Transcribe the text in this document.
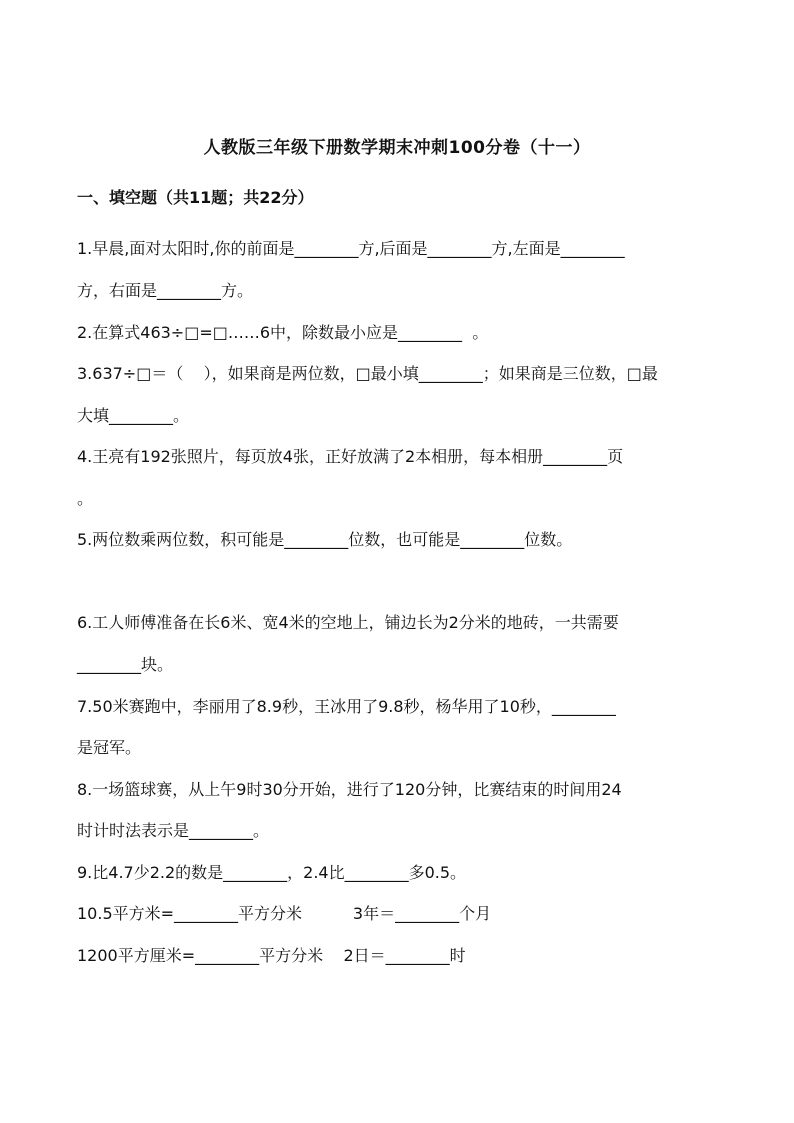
人教版三年级下册数学期末冲刺100分卷（十一）
一、填空题（共11题；共22分）
1.早晨,面对太阳时,你的前面是________方,后面是________方,左面是________
方，右面是________方。
2.在算式463÷□=□……6中，除数最小应是________  。
3.637÷□＝（    ），如果商是两位数，□最小填________；如果商是三位数，□最
大填________。
4.王亮有192张照片，每页放4张，正好放满了2本相册，每本相册________页
。
5.两位数乘两位数，积可能是________位数，也可能是________位数。
6.工人师傅准备在长6米、宽4米的空地上，铺边长为2分米的地砖，一共需要
________块。
7.50米赛跑中，李丽用了8.9秒，王冰用了9.8秒，杨华用了10秒，________
是冠军。
8.一场篮球赛，从上午9时30分开始，进行了120分钟，比赛结束的时间用24
时计时法表示是________。
9.比4.7少2.2的数是________，2.4比________多0.5。
10.5平方米=________平方分米          3年＝________个月
1200平方厘米=________平方分米    2日＝________时
